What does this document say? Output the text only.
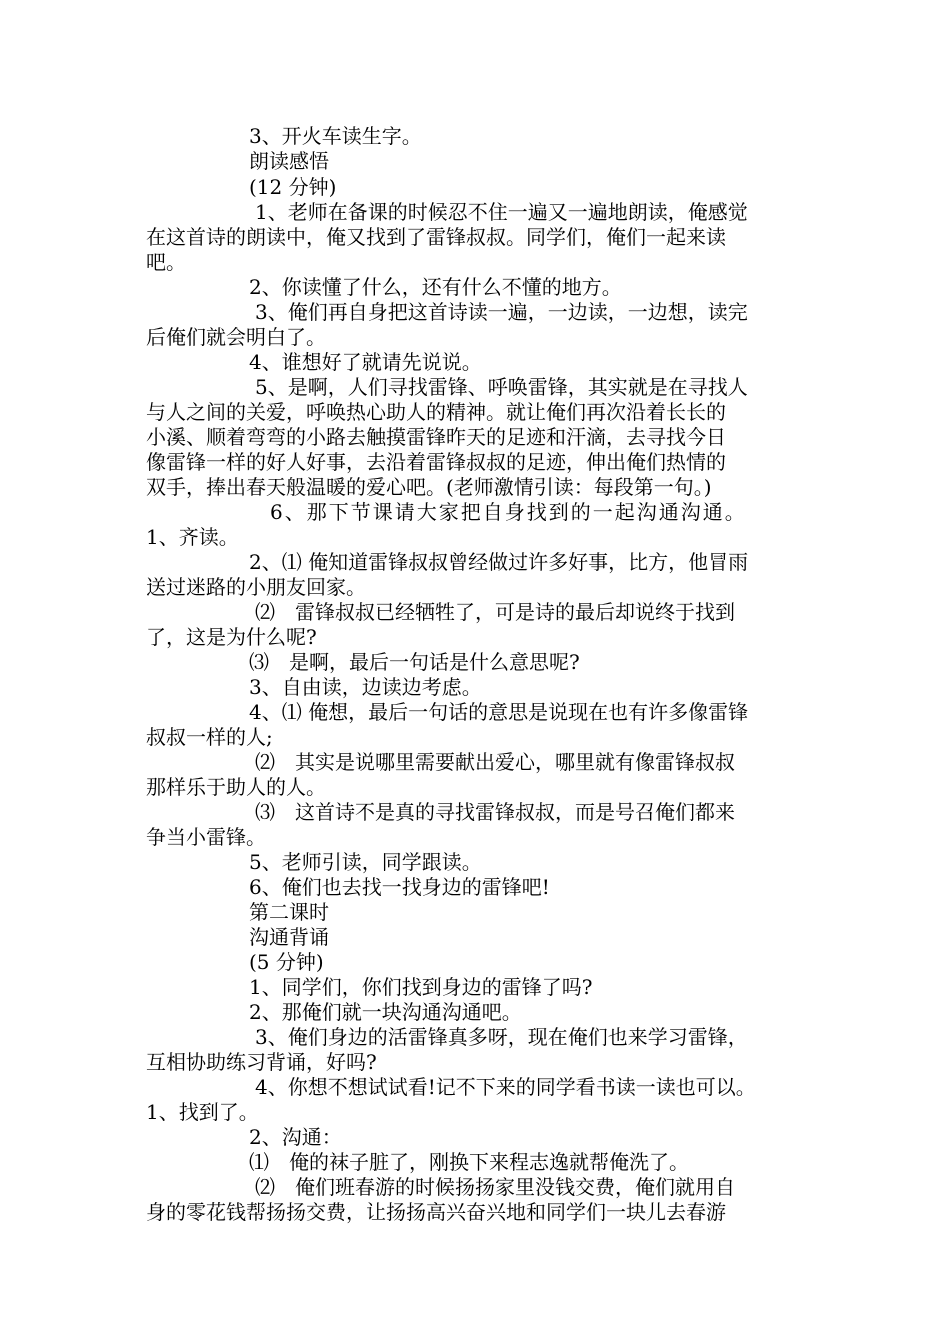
3、开火车读生字。
朗读感悟
(12 分钟)
1、老师在备课的时候忍不住一遍又一遍地朗读，俺感觉
在这首诗的朗读中，俺又找到了雷锋叔叔。同学们，俺们一起来读
吧。
2、你读懂了什么，还有什么不懂的地方。
3、俺们再自身把这首诗读一遍，一边读，一边想，读完
后俺们就会明白了。
4、谁想好了就请先说说。
5、是啊，人们寻找雷锋、呼唤雷锋，其实就是在寻找人
与人之间的关爱，呼唤热心助人的精神。就让俺们再次沿着长长的
小溪、顺着弯弯的小路去触摸雷锋昨天的足迹和汗滴，去寻找今日
像雷锋一样的好人好事，去沿着雷锋叔叔的足迹，伸出俺们热情的
双手，捧出春天般温暖的爱心吧。(老师激情引读：每段第一句。)
6、那下节课请大家把自身找到的一起沟通沟通。
1、齐读。
2、⑴ 俺知道雷锋叔叔曾经做过许多好事，比方，他冒雨
送过迷路的小朋友回家。
⑵　雷锋叔叔已经牺牲了，可是诗的最后却说终于找到
了，这是为什么呢?
⑶　是啊，最后一句话是什么意思呢?
3、自由读，边读边考虑。
4、⑴ 俺想，最后一句话的意思是说现在也有许多像雷锋
叔叔一样的人;
⑵　其实是说哪里需要献出爱心，哪里就有像雷锋叔叔
那样乐于助人的人。
⑶　这首诗不是真的寻找雷锋叔叔，而是号召俺们都来
争当小雷锋。
5、老师引读，同学跟读。
6、俺们也去找一找身边的雷锋吧!
第二课时
沟通背诵
(5 分钟)
1、同学们，你们找到身边的雷锋了吗?
2、那俺们就一块沟通沟通吧。
3、俺们身边的活雷锋真多呀，现在俺们也来学习雷锋，
互相协助练习背诵，好吗?
4、你想不想试试看!记不下来的同学看书读一读也可以。
1、找到了。
2、沟通：
⑴　俺的袜子脏了，刚换下来程志逸就帮俺洗了。
⑵　俺们班春游的时候扬扬家里没钱交费，俺们就用自
身的零花钱帮扬扬交费，让扬扬高兴奋兴地和同学们一块儿去春游
